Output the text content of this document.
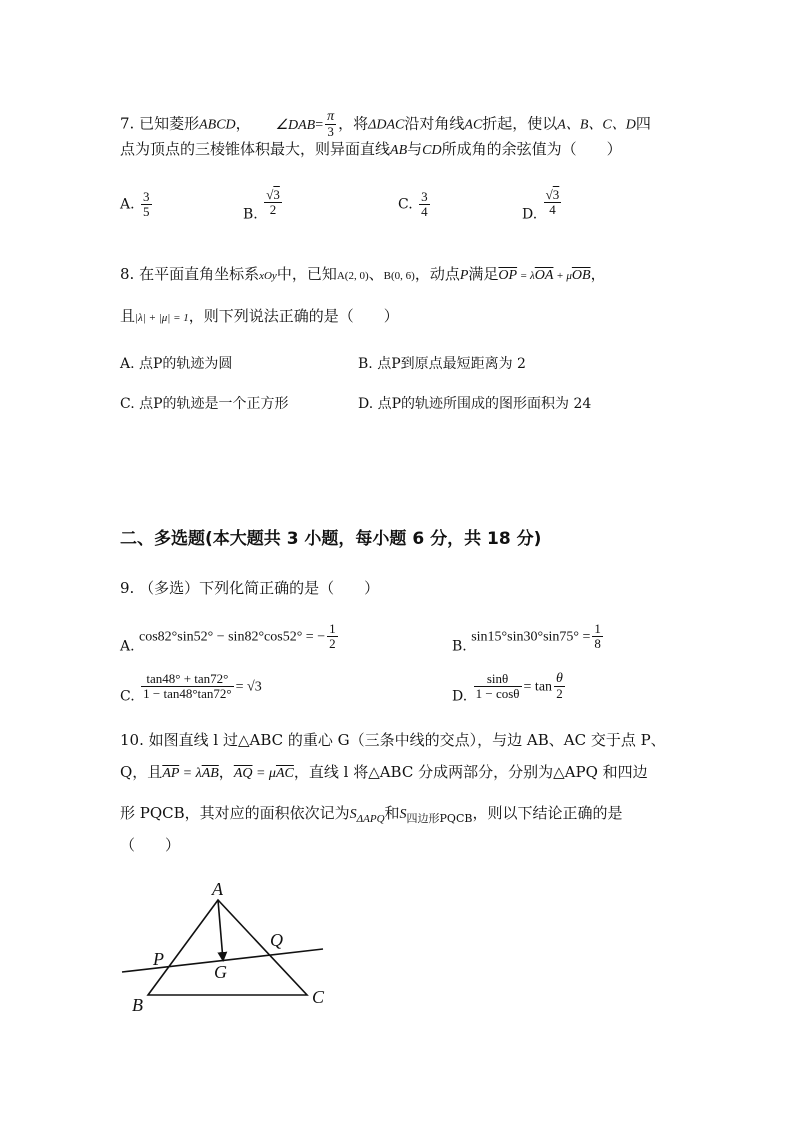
7. 已知菱形ABCD， ∠DAB= $\frac{\pi}{3}$ ，将ΔDAC沿对角线AC折起，使以A、B、C、D四
点为顶点的三棱锥体积最大，则异面直线AB与CD所成角的余弦值为（　　）
A. $\frac{3}{5}$	B. $\frac{√3}{2}$	C. $\frac{3}{4}$	D. $\frac{√3}{4}$
8. 在平面直角坐标系xOy中，已知A(2, 0)、B(0, 6)，动点P满足$\overline{OP} = \lambda\overline{OA} + \mu\overline{OB}$，
且|λ| + |μ| = 1，则下列说法正确的是（　　）
A. 点P的轨迹为圆	B. 点P到原点最短距离为 2
C. 点P的轨迹是一个正方形	D. 点P的轨迹所围成的图形面积为 24
二、多选题(本大题共 3 小题，每小题 6 分，共 18 分)
9. （多选）下列化简正确的是（　　）
A. cos82°sin52° − sin82°cos52° = − $\frac{1}{2}$	B. $\sin 15^\circ\sin 30^\circ\sin 75^\circ = \frac{1}{8}$
C. $\frac{\tan 48^\circ + \tan 72^\circ}{1 - \tan 48^\circ\tan 72^\circ} = √3$
D. $\frac{\sin\theta}{1 - \cos\theta} = \tan \frac{\theta}{2}$
10. 如图直线 l 过△ABC 的重心 G（三条中线的交点），与边 AB、AC 交于点 P、
Q，且$\overline{AP} = \lambda\overline{AB}$，$\overline{AQ} = \mu\overline{AC}$，直线 l 将△ABC 分成两部分，分别为△APQ 和四边
形 PQCB，其对应的面积依次记为$S_{\Delta APQ}$和$S_{四边形PQCB}$，则以下结论正确的是
（　　）
A
B	C
P
Q
G
